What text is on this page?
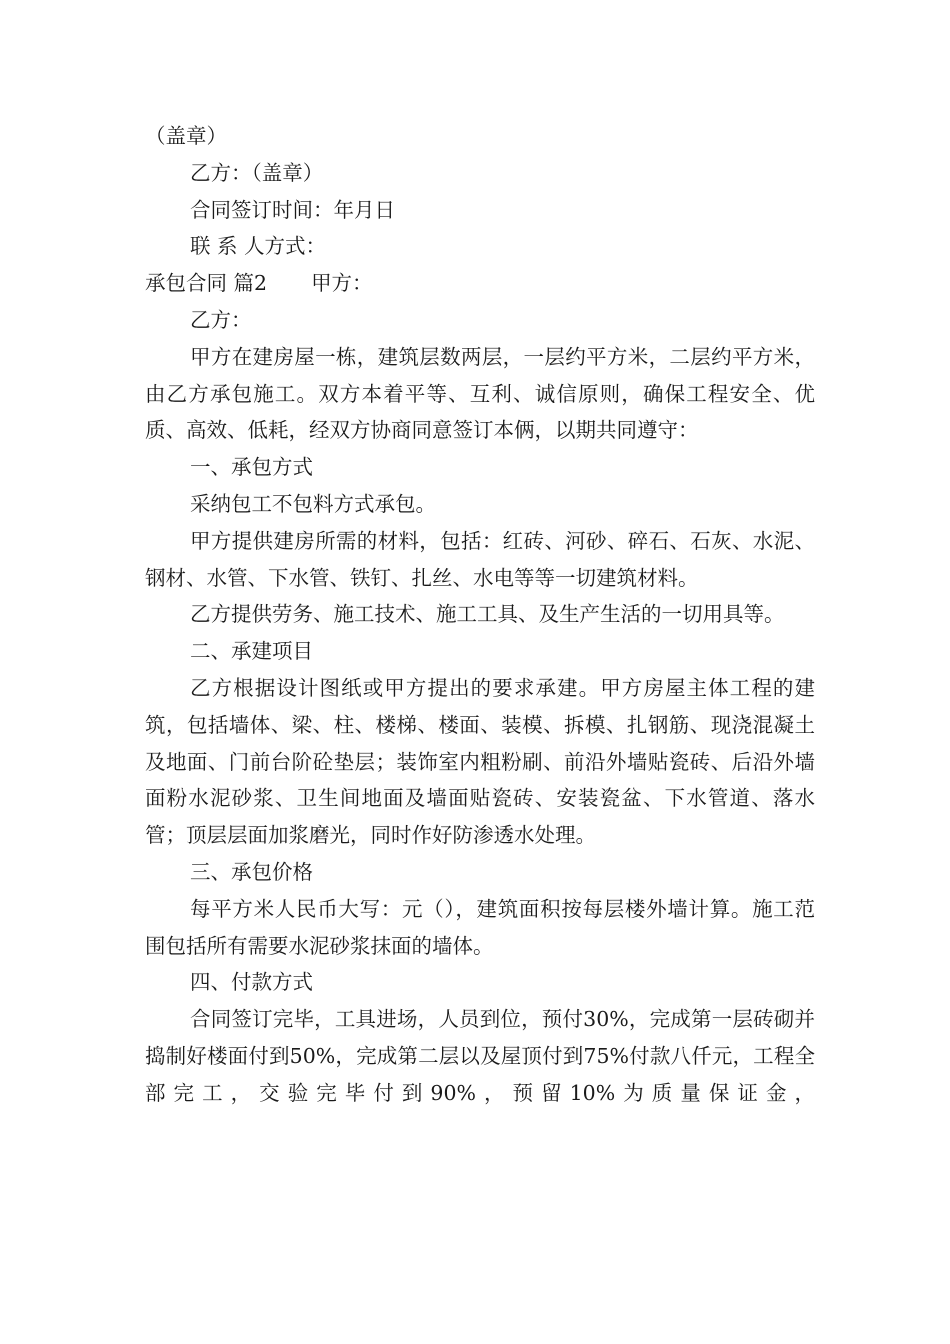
（盖章）

乙方：（盖章）

合同签订时间：年月日

联 系 人方式：

承包合同 篇2 甲方：

乙方：

甲方在建房屋一栋，建筑层数两层，一层约平方米，二层约平方米，由乙方承包施工。双方本着平等、互利、诚信原则，确保工程安全、优质、高效、低耗，经双方协商同意签订本俩，以期共同遵守：

一、承包方式

采纳包工不包料方式承包。

甲方提供建房所需的材料，包括：红砖、河砂、碎石、石灰、水泥、钢材、水管、下水管、铁钉、扎丝、水电等等一切建筑材料。

乙方提供劳务、施工技术、施工工具、及生产生活的一切用具等。

二、承建项目

乙方根据设计图纸或甲方提出的要求承建。甲方房屋主体工程的建筑，包括墙体、梁、柱、楼梯、楼面、装模、拆模、扎钢筋、现浇混凝土及地面、门前台阶砼垫层；装饰室内粗粉刷、前沿外墙贴瓷砖、后沿外墙面粉水泥砂浆、卫生间地面及墙面贴瓷砖、安装瓷盆、下水管道、落水管；顶层层面加浆磨光，同时作好防渗透水处理。

三、承包价格

每平方米人民币大写：元（），建筑面积按每层楼外墙计算。施工范围包括所有需要水泥砂浆抹面的墙体。

四、付款方式

合同签订完毕，工具进场，人员到位，预付30%，完成第一层砖砌并捣制好楼面付到50%，完成第二层以及屋顶付到75%付款八仟元，工程全部完工，交验完毕付到90%，预留10%为质量保证金，
